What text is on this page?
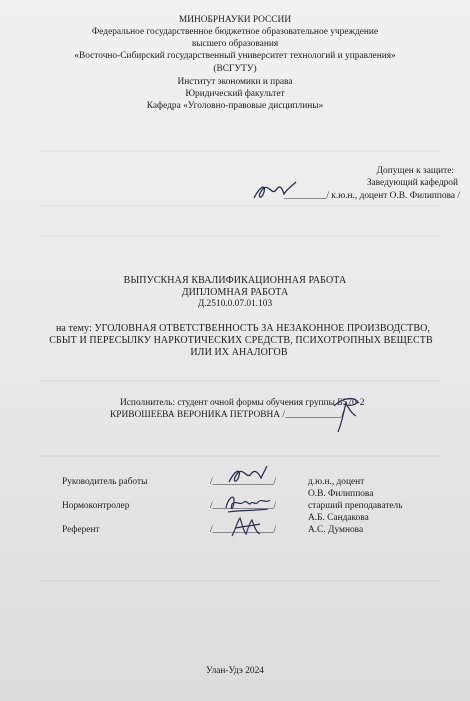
МИНОБРНАУКИ РОССИИ
Федеральное государственное бюджетное образовательное учреждение
высшего образования
«Восточно-Сибирский государственный университет технологий и управления»
(ВСГУТУ)
Институт экономики и права
Юридический факультет
Кафедра «Уголовно-правовые дисциплины»
Допущен к защите:
Заведующий кафедрой
_________/ к.ю.н., доцент О.В. Филиппова /
ВЫПУСКНАЯ КВАЛИФИКАЦИОННАЯ РАБОТА
ДИПЛОМНАЯ РАБОТА
Д.2510.0.07.01.103
на тему: УГОЛОВНАЯ ОТВЕТСТВЕННОСТЬ ЗА НЕЗАКОННОЕ ПРОИЗВОДСТВО,
СБЫТ И ПЕРЕСЫЛКУ НАРКОТИЧЕСКИХ СРЕДСТВ, ПСИХОТРОПНЫХ ВЕЩЕСТВ
ИЛИ ИХ АНАЛОГОВ
Исполнитель: студент очной формы обучения группы Б570-2
КРИВОШЕЕВА ВЕРОНИКА ПЕТРОВНА /____________/
Руководитель работы	/_____________/	д.ю.н., доцент
О.В. Филиппова
Нормоконтролер	/_____________/	старший преподаватель
А.Б. Сандакова
Референт	/_____________/	А.С. Думнова
Улан-Удэ 2024
